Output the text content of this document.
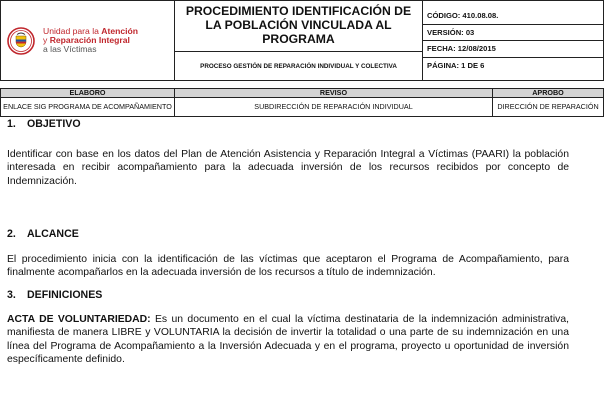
Unidad para la Atención
y Reparación Integral
a las Víctimas

PROCEDIMIENTO IDENTIFICACIÓN DE LA POBLACIÓN VINCULADA AL PROGRAMA
PROCESO GESTIÓN DE REPARACIÓN INDIVIDUAL Y COLECTIVA

CÓDIGO: 410.08.08.
VERSIÓN: 03
FECHA: 12/08/2015
PÁGINA: 1 DE 6
ELABORO	REVISO	APROBO
ENLACE SIG PROGRAMA DE ACOMPAÑAMIENTO	SUBDIRECCIÓN DE REPARACIÓN INDIVIDUAL	DIRECCIÓN DE REPARACIÓN
1. OBJETIVO
Identificar con base en los datos del Plan de Atención Asistencia y Reparación Integral a Víctimas (PAARI) la población interesada en recibir acompañamiento para la adecuada inversión de los recursos recibidos por concepto de Indemnización.
2. ALCANCE
El procedimiento inicia con la identificación de las víctimas que aceptaron el Programa de Acompañamiento, para finalmente acompañarlos en la adecuada inversión de los recursos a título de indemnización.
3. DEFINICIONES
ACTA DE VOLUNTARIEDAD: Es un documento en el cual la víctima destinataria de la indemnización administrativa, manifiesta de manera LIBRE y VOLUNTARIA la decisión de invertir la totalidad o una parte de su indemnización en una línea del Programa de Acompañamiento a la Inversión Adecuada y en el programa, proyecto u oportunidad de inversión específicamente definido.
